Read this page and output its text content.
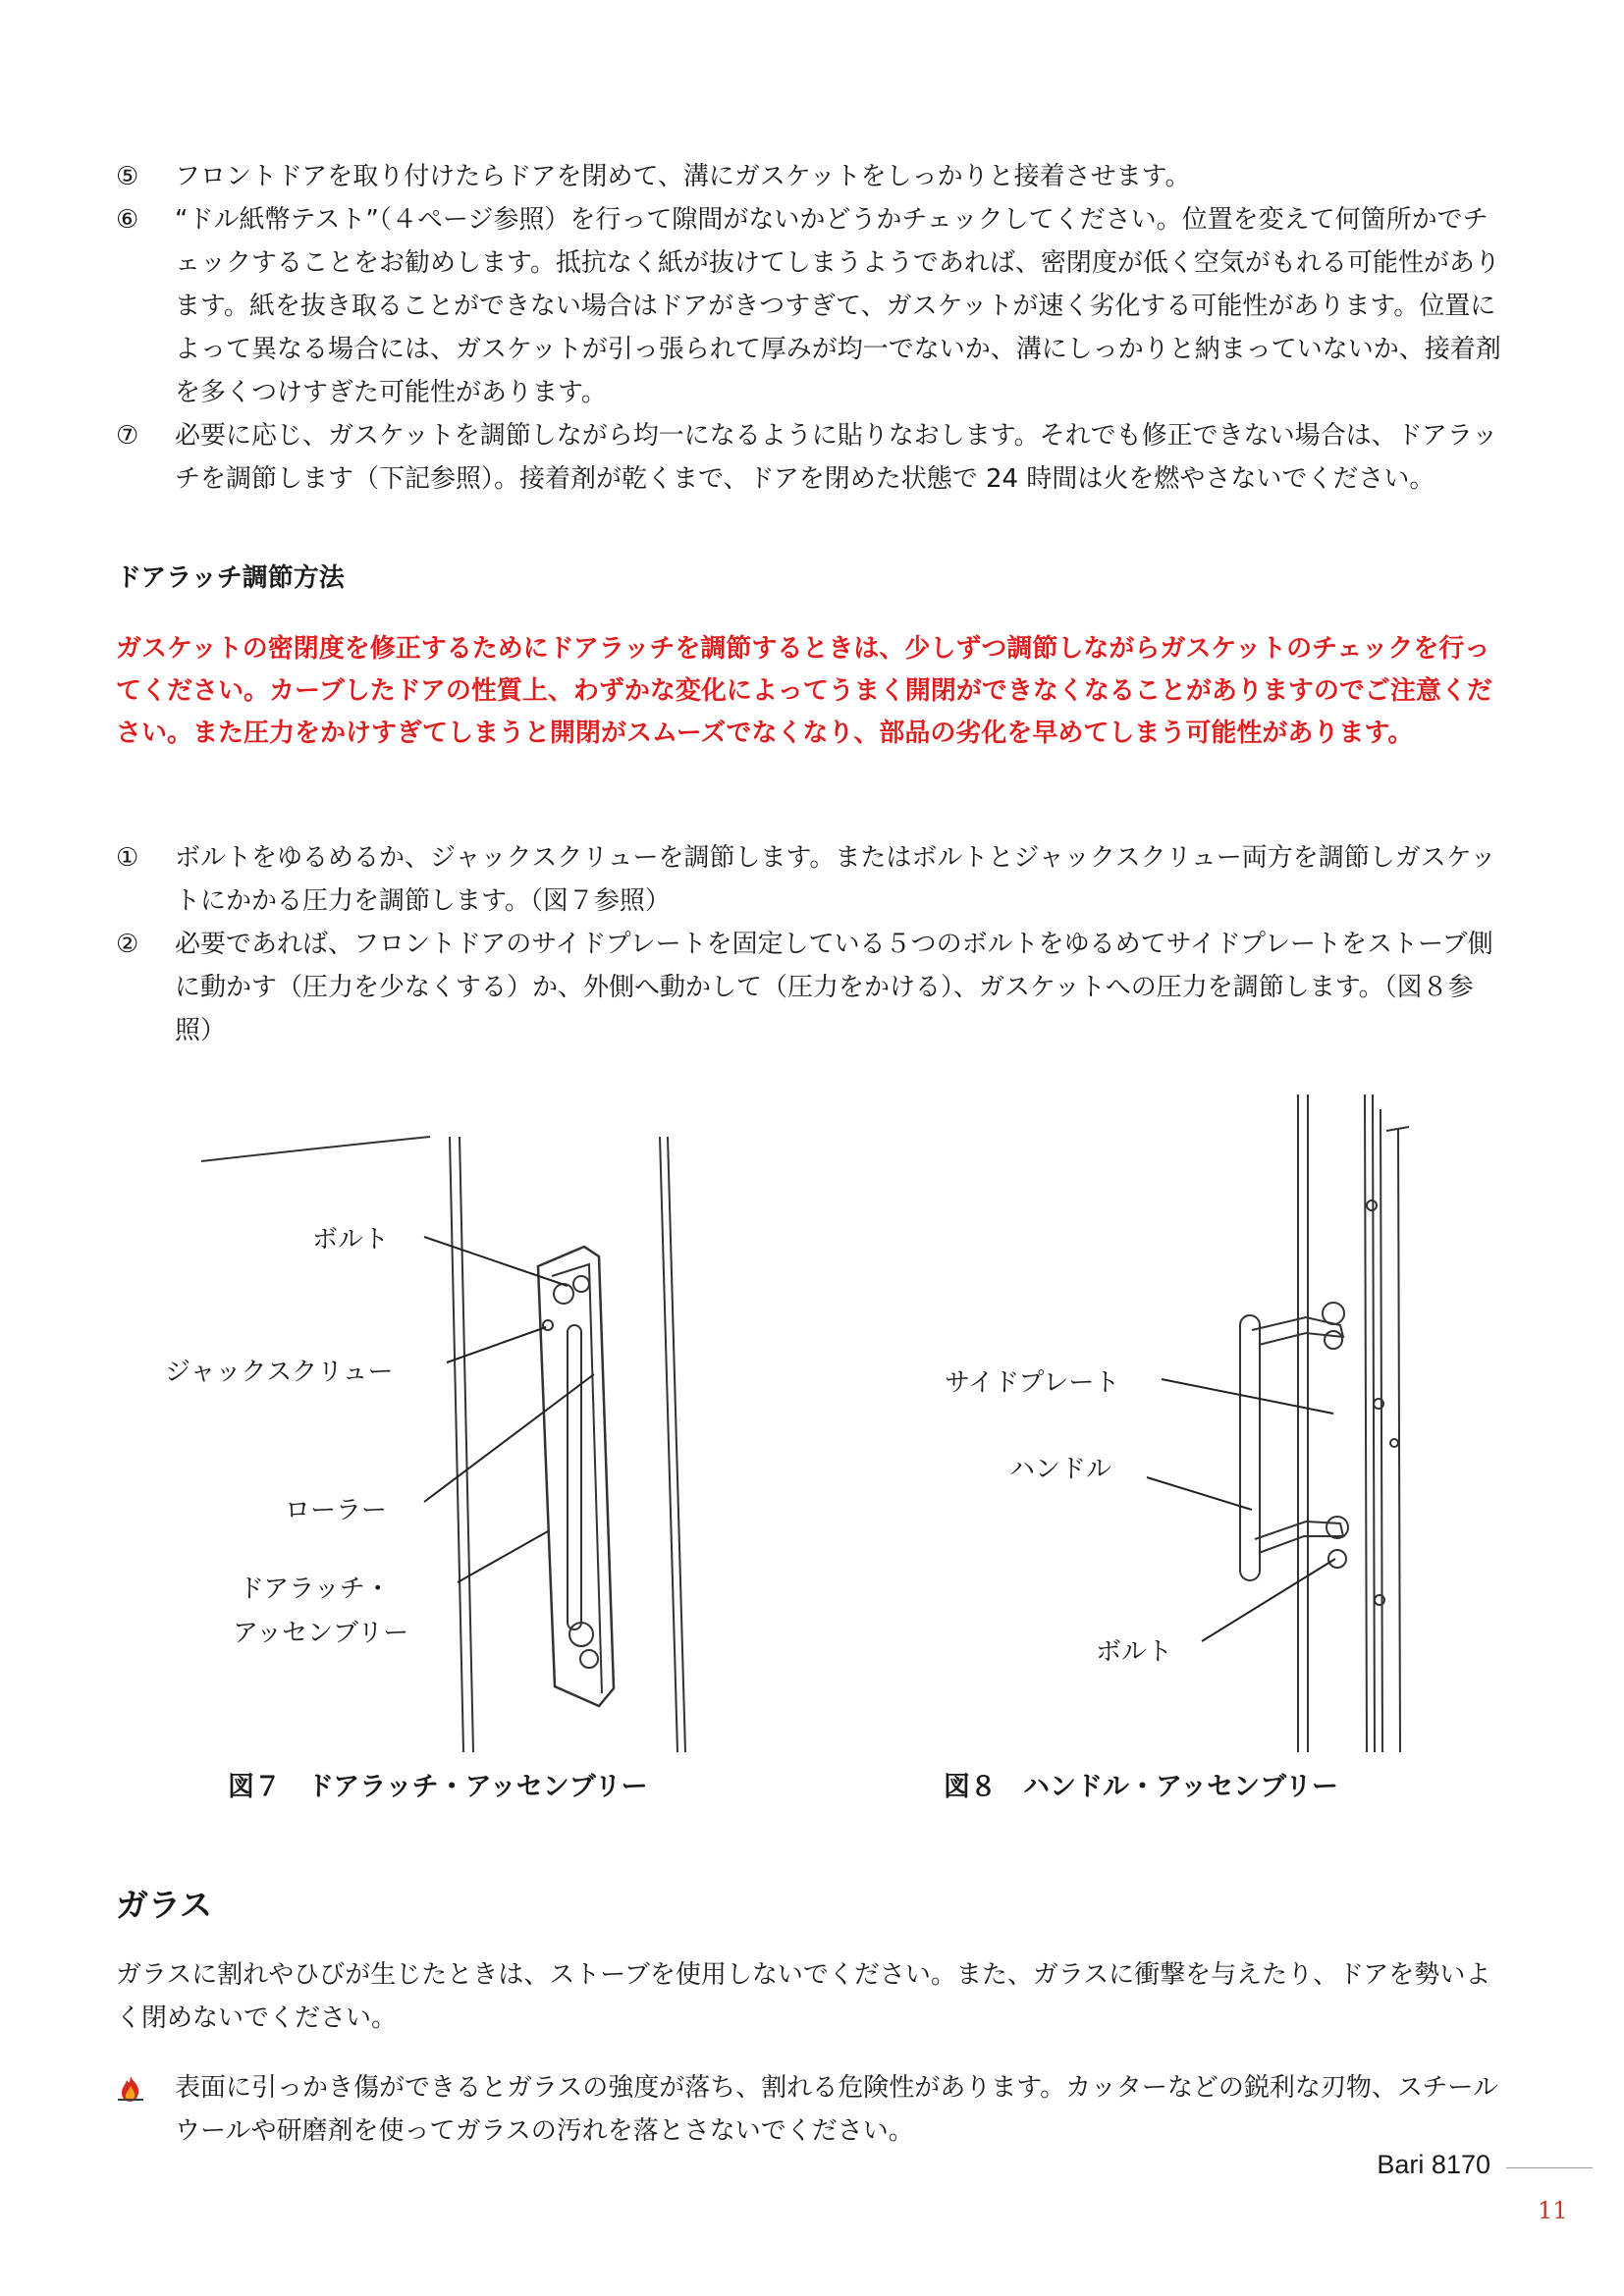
⑤	フロントドアを取り付けたらドアを閉めて、溝にガスケットをしっかりと接着させます。

⑥	“ドル紙幣テスト”（４ページ参照）を行って隙間がないかどうかチェックしてください。位置を変えて何箇所かでチェックすることをお勧めします。抵抗なく紙が抜けてしまうようであれば、密閉度が低く空気がもれる可能性があります。紙を抜き取ることができない場合はドアがきつすぎて、ガスケットが速く劣化する可能性があります。位置によって異なる場合には、ガスケットが引っ張られて厚みが均一でないか、溝にしっかりと納まっていないか、接着剤を多くつけすぎた可能性があります。

⑦	必要に応じ、ガスケットを調節しながら均一になるように貼りなおします。それでも修正できない場合は、ドアラッチを調節します（下記参照）。接着剤が乾くまで、ドアを閉めた状態で 24 時間は火を燃やさないでください。

ドアラッチ調節方法

ガスケットの密閉度を修正するためにドアラッチを調節するときは、少しずつ調節しながらガスケットのチェックを行ってください。カーブしたドアの性質上、わずかな変化によってうまく開閉ができなくなることがありますのでご注意ください。また圧力をかけすぎてしまうと開閉がスムーズでなくなり、部品の劣化を早めてしまう可能性があります。

①	ボルトをゆるめるか、ジャックスクリューを調節します。またはボルトとジャックスクリュー両方を調節しガスケットにかかる圧力を調節します。（図７参照）

②	必要であれば、フロントドアのサイドプレートを固定している５つのボルトをゆるめてサイドプレートをストーブ側に動かす（圧力を少なくする）か、外側へ動かして（圧力をかける）、ガスケットへの圧力を調節します。（図８参照）

ボルト
ジャックスクリュー
ローラー
ドアラッチ・
アッセンブリー
サイドプレート
ハンドル
ボルト
図７　ドアラッチ・アッセンブリー	図８　ハンドル・アッセンブリー
ガラス

ガラスに割れやひびが生じたときは、ストーブを使用しないでください。また、ガラスに衝撃を与えたり、ドアを勢いよく閉めないでください。

表面に引っかき傷ができるとガラスの強度が落ち、割れる危険性があります。カッターなどの鋭利な刃物、スチールウールや研磨剤を使ってガラスの汚れを落とさないでください。

Bari 8170
11
